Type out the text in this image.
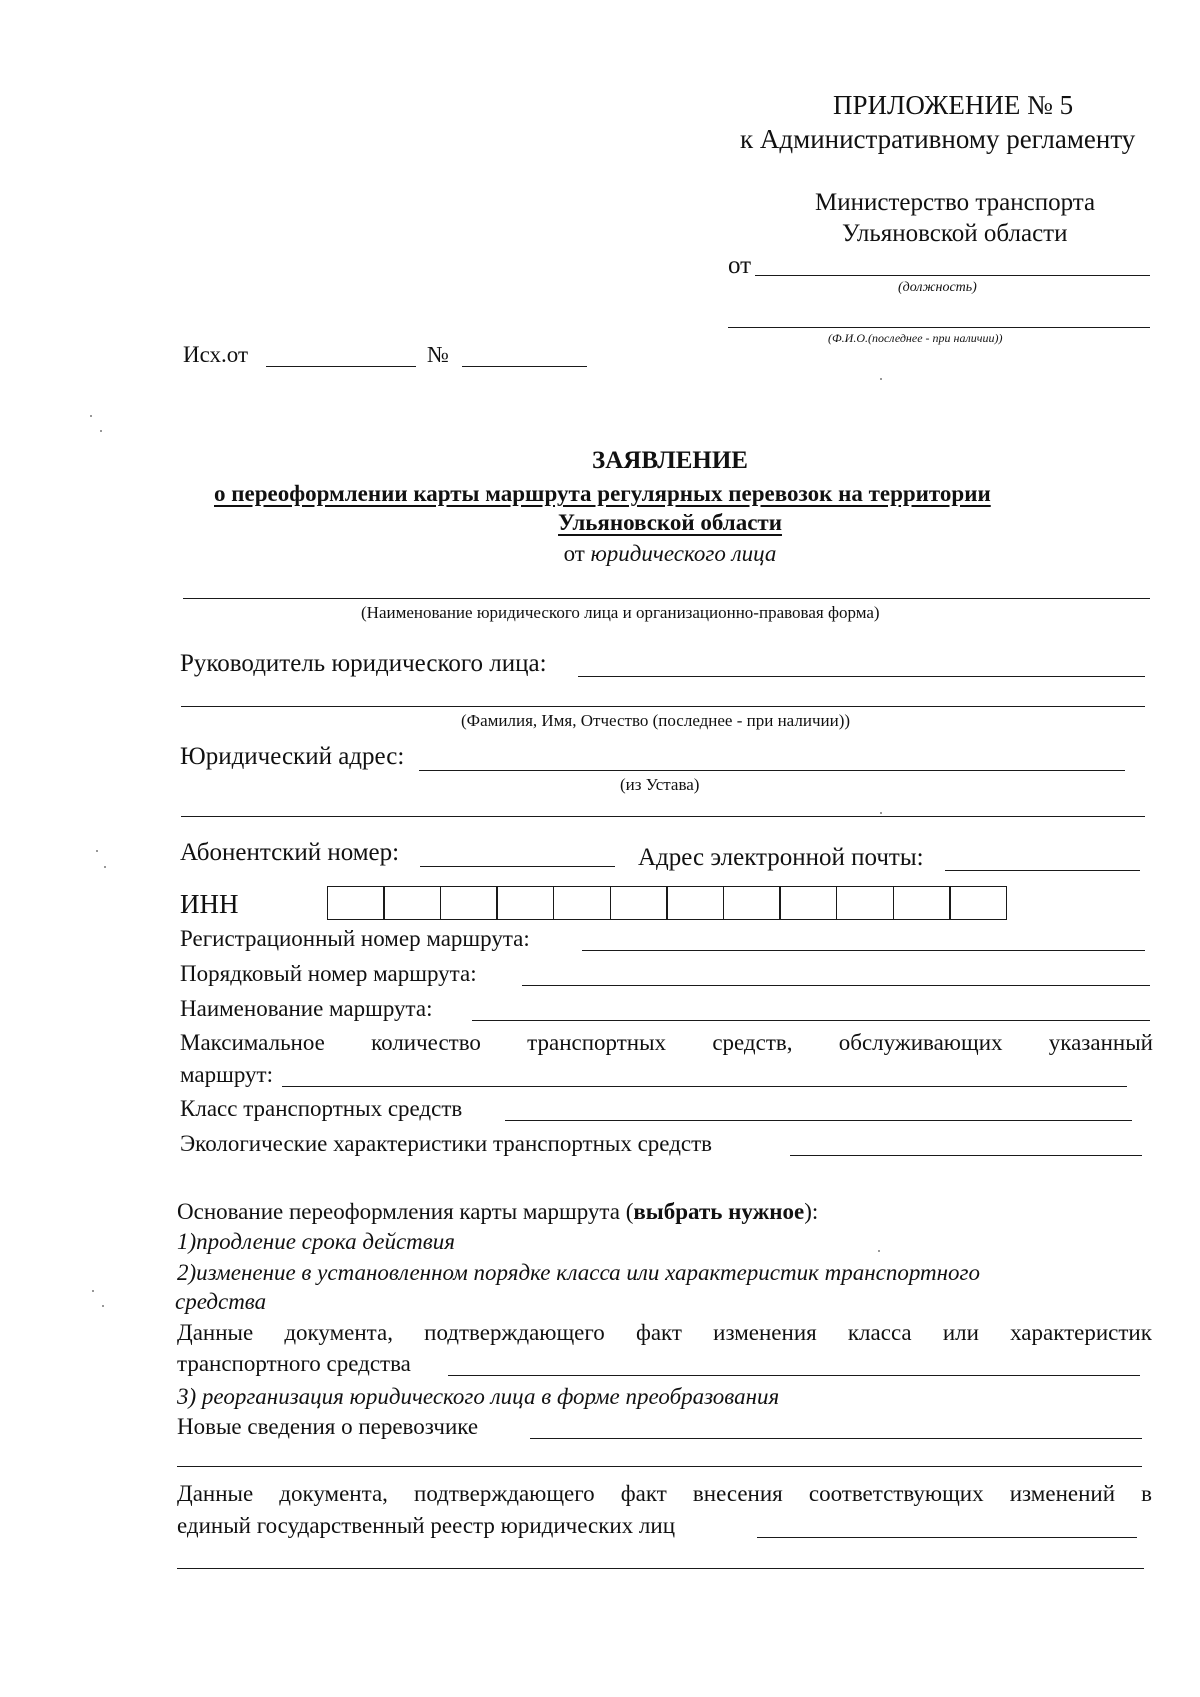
ПРИЛОЖЕНИЕ № 5
к Административному регламенту
Министерство транспорта
Ульяновской области
от
(должность)
(Ф.И.О.(последнее - при наличии))
Исх.от	№
ЗАЯВЛЕНИЕ
о переоформлении карты маршрута регулярных перевозок на территории
Ульяновской области
от юридического лица
(Наименование юридического лица и организационно-правовая форма)
Руководитель юридического лица:
(Фамилия, Имя, Отчество (последнее - при наличии))
Юридический адрес:
(из Устава)
Абонентский номер:	Адрес электронной почты:
ИНН
Регистрационный номер маршрута:
Порядковый номер маршрута:
Наименование маршрута:
Максимальное количество транспортных средств, обслуживающих указанный
маршрут:
Класс транспортных средств
Экологические характеристики транспортных средств
Основание переоформления карты маршрута (выбрать нужное):
1)продление срока действия
2)изменение в установленном порядке класса или характеристик транспортного
средства
Данные документа, подтверждающего факт изменения класса или характеристик
транспортного средства
3) реорганизация юридического лица в форме преобразования
Новые сведения о перевозчике
Данные документа, подтверждающего факт внесения соответствующих изменений в
единый государственный реестр юридических лиц
